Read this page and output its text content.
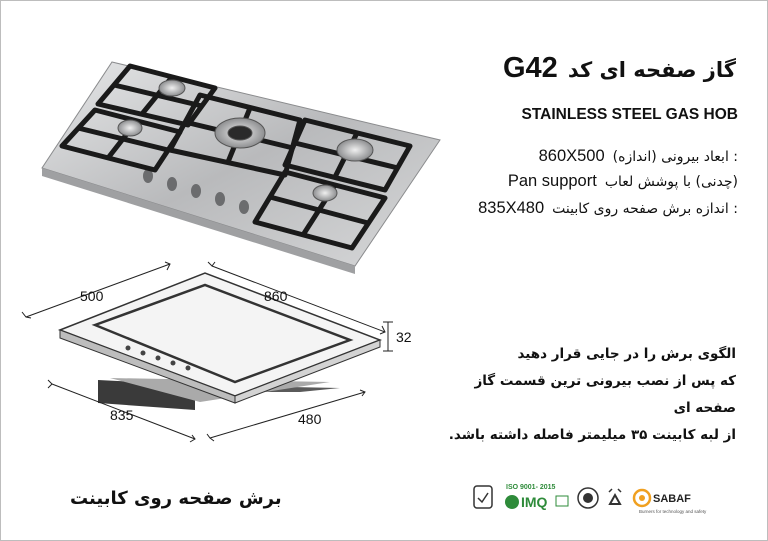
500	860
32
835	480
گاز صفحه ای کد
G42
STAINLESS STEEL GAS HOB
: ابعاد بیرونی (اندازه)
860X500
(چدنی) با پوشش لعاب
Pan support
: اندازه برش صفحه روی کابینت
835X480
الگوی برش را در جایی قرار دهید
که پس از نصب بیرونی ترین قسمت گاز صفحه ای
از لبه کابینت ۳۵ میلیمتر فاصله داشته باشد.
برش صفحه روی کابینت
ISO 9001- 2015
IMQ	SABAF
Burners for technology and safety
